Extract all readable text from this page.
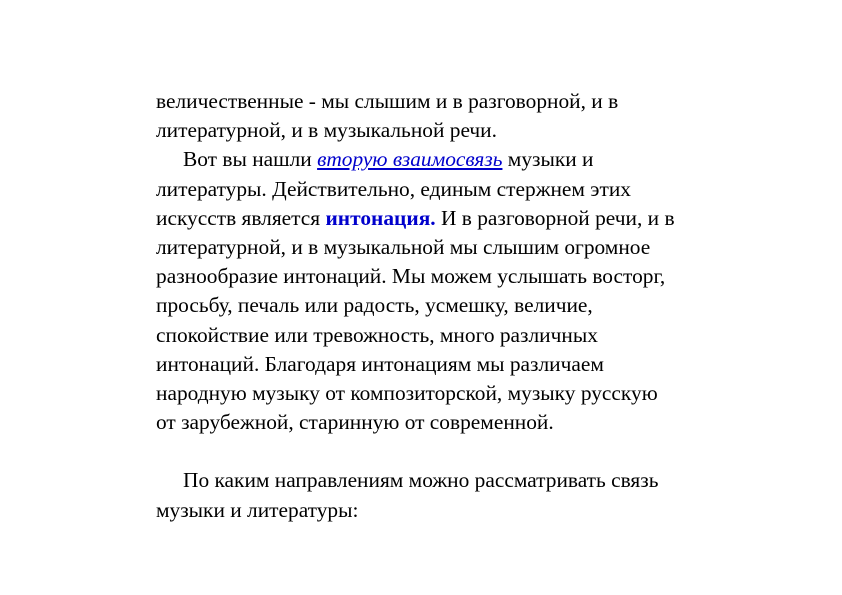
величественные - мы слышим и в разговорной, и в
литературной, и в музыкальной речи.
Вот вы нашли вторую взаимосвязь музыки и
литературы. Действительно, единым стержнем этих
искусств является интонация. И в разговорной речи, и в
литературной, и в музыкальной мы слышим огромное
разнообразие интонаций. Мы можем услышать восторг,
просьбу, печаль или радость, усмешку, величие,
спокойствие или тревожность, много различных
интонаций. Благодаря интонациям мы различаем
народную музыку от композиторской, музыку русскую
от зарубежной, старинную от современной.
По каким направлениям можно рассматривать связь
музыки и литературы:
